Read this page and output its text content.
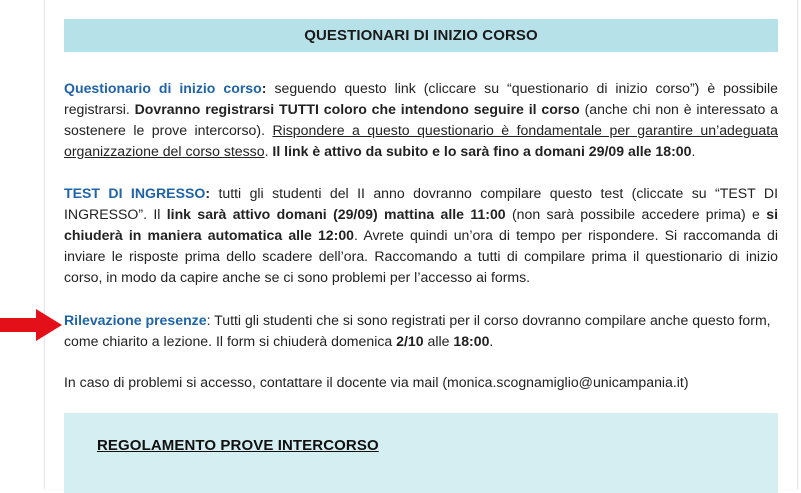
QUESTIONARI DI INIZIO CORSO
Questionario di inizio corso: seguendo questo link (cliccare su “questionario di inizio corso”) è possibile registrarsi. Dovranno registrarsi TUTTI coloro che intendono seguire il corso (anche chi non è interessato a sostenere le prove intercorso). Rispondere a questo questionario è fondamentale per garantire un’adeguata organizzazione del corso stesso. Il link è attivo da subito e lo sarà fino a domani 29/09 alle 18:00.
TEST DI INGRESSO: tutti gli studenti del II anno dovranno compilare questo test (cliccate su “TEST DI INGRESSO”. Il link sarà attivo domani (29/09) mattina alle 11:00 (non sarà possibile accedere prima) e si chiuderà in maniera automatica alle 12:00. Avrete quindi un’ora di tempo per rispondere. Si raccomanda di inviare le risposte prima dello scadere dell’ora. Raccomando a tutti di compilare prima il questionario di inizio corso, in modo da capire anche se ci sono problemi per l’accesso ai forms.
Rilevazione presenze: Tutti gli studenti che si sono registrati per il corso dovranno compilare anche questo form, come chiarito a lezione. Il form si chiuderà domenica 2/10 alle 18:00.
In caso di problemi si accesso, contattare il docente via mail (monica.scognamiglio@unicampania.it)
REGOLAMENTO PROVE INTERCORSO
